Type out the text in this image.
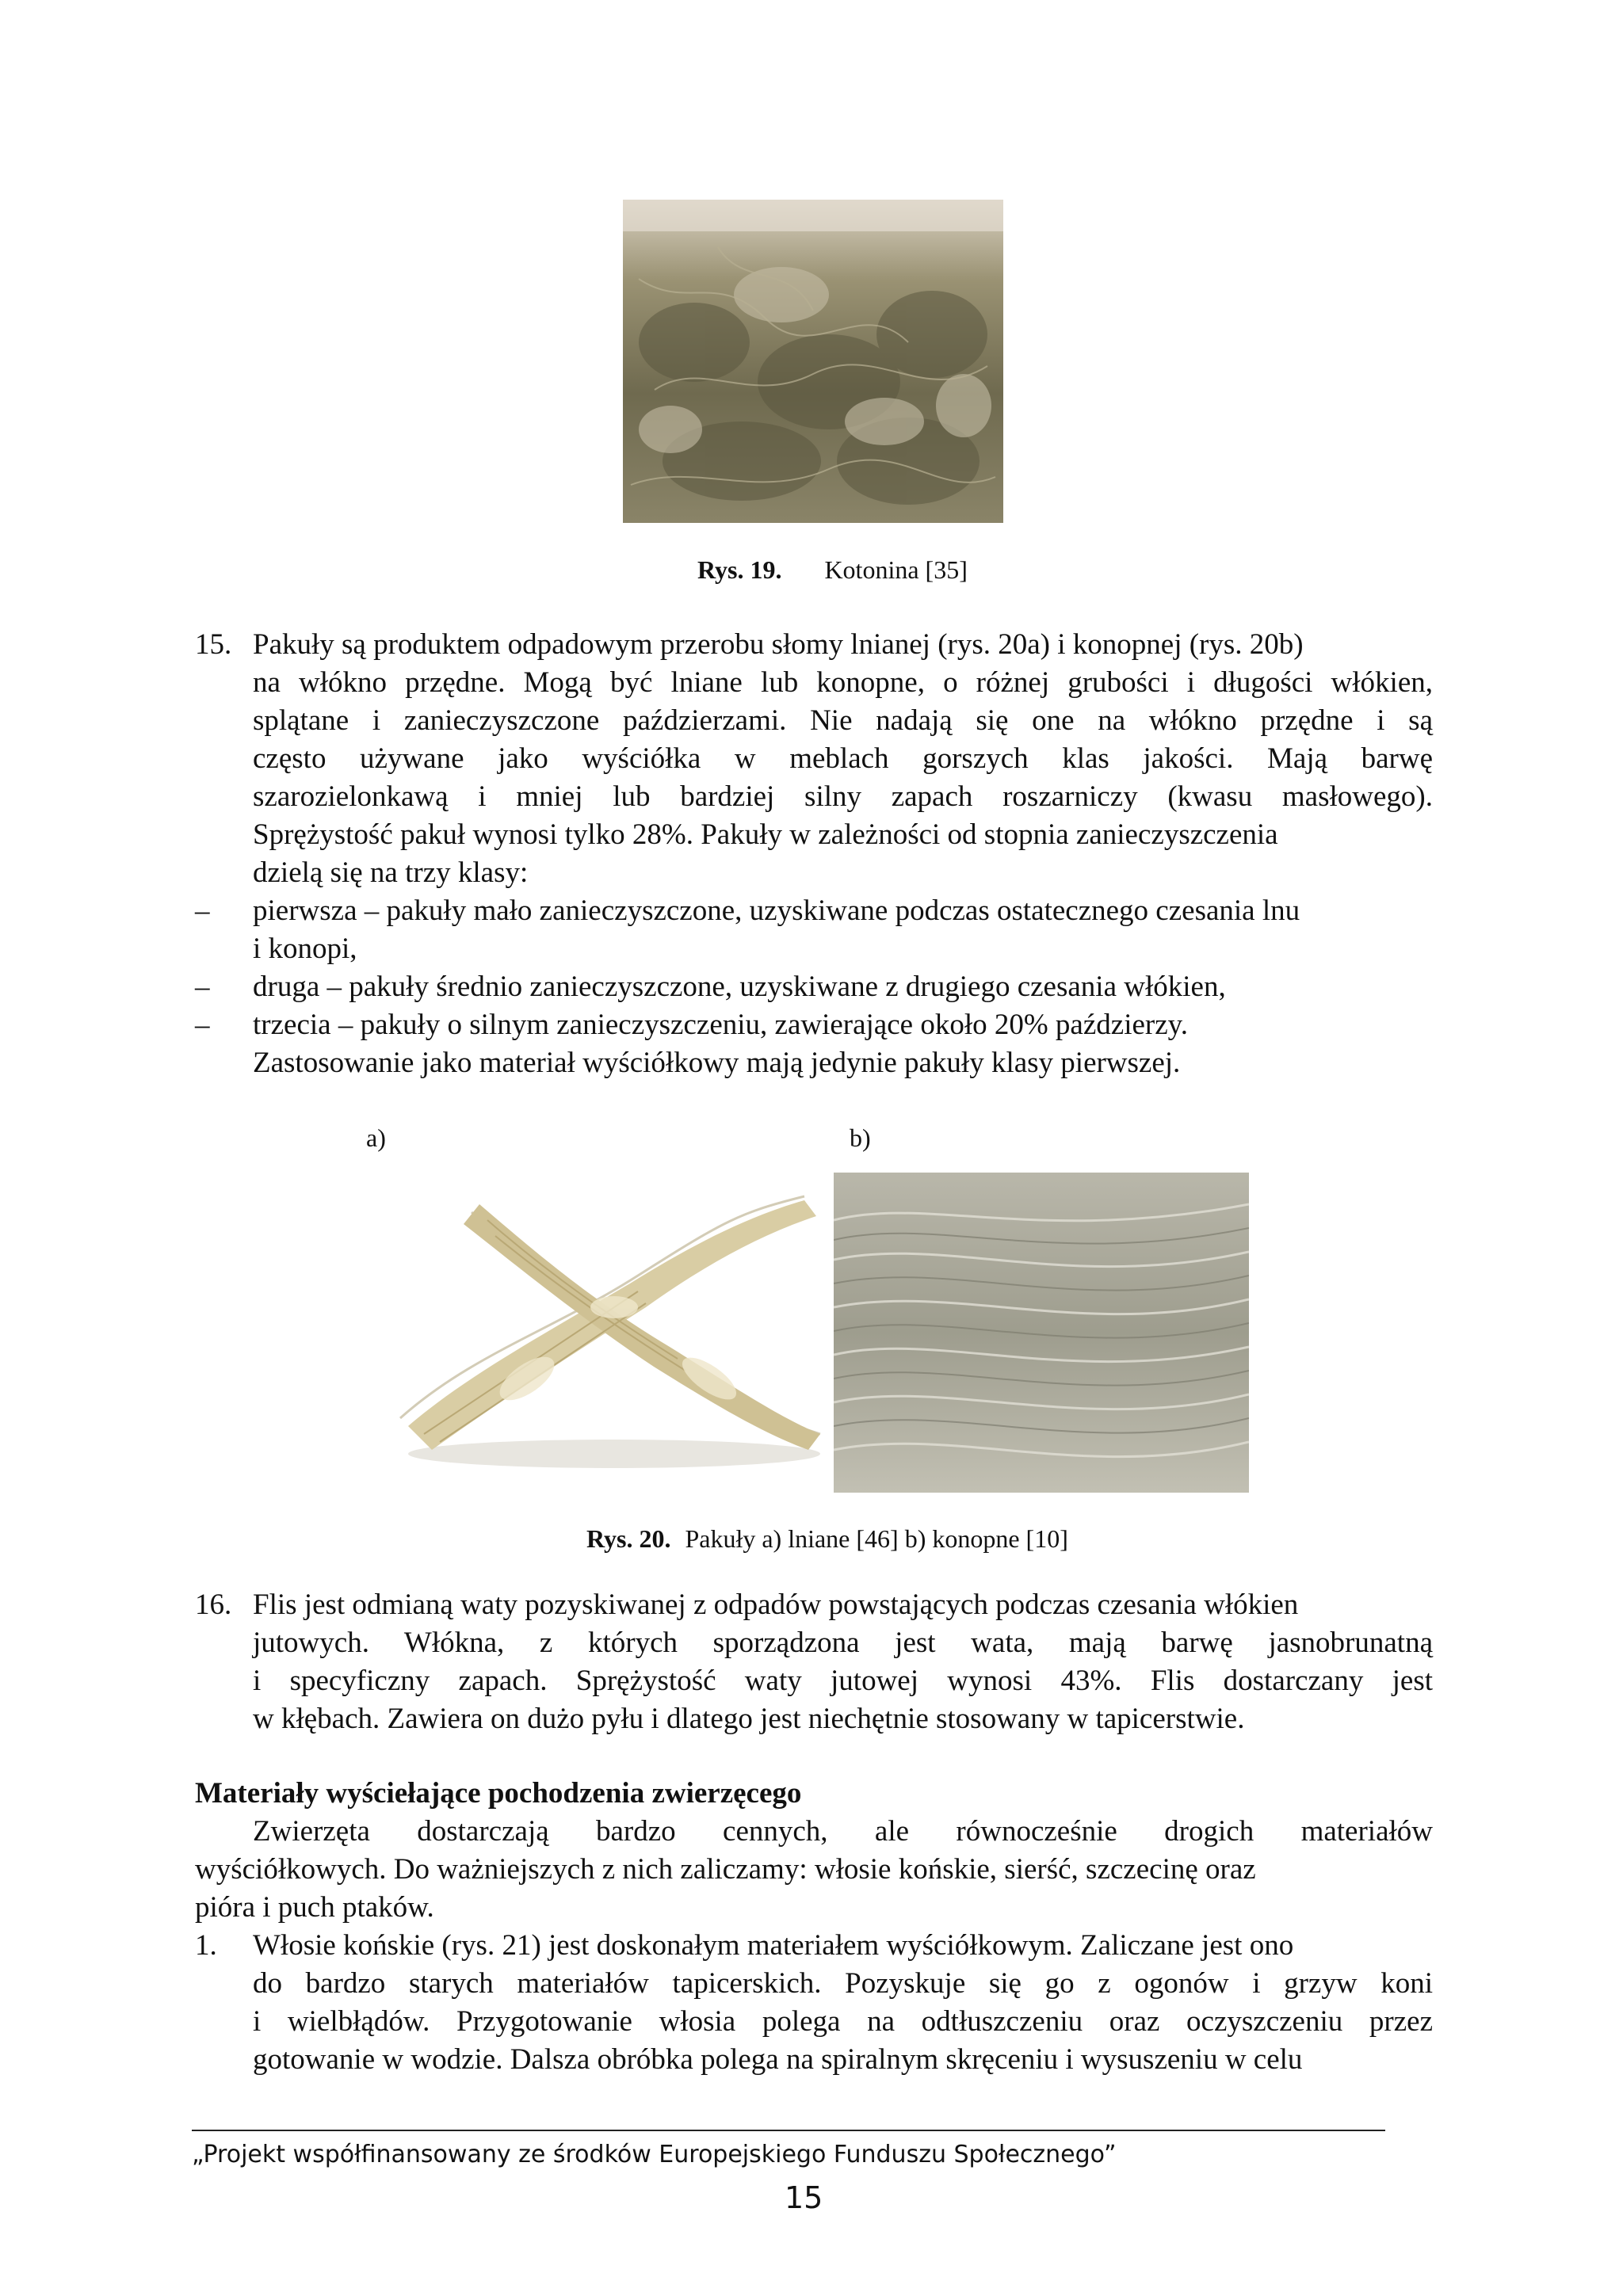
Rys. 19. Kotonina [35]
15. Pakuły są produktem odpadowym przerobu słomy lnianej (rys. 20a) i konopnej (rys. 20b)
na włókno przędne. Mogą być lniane lub konopne, o różnej grubości i długości włókien,
splątane i zanieczyszczone paździerzami. Nie nadają się one na włókno przędne i są
często używane jako wyściółka w meblach gorszych klas jakości. Mają barwę
szarozielonkawą i mniej lub bardziej silny zapach roszarniczy (kwasu masłowego).
Sprężystość pakuł wynosi tylko 28%. Pakuły w zależności od stopnia zanieczyszczenia
dzielą się na trzy klasy:
– pierwsza – pakuły mało zanieczyszczone, uzyskiwane podczas ostatecznego czesania lnu
i konopi,
– druga – pakuły średnio zanieczyszczone, uzyskiwane z drugiego czesania włókien,
– trzecia – pakuły o silnym zanieczyszczeniu, zawierające około 20% paździerzy.
Zastosowanie jako materiał wyściółkowy mają jedynie pakuły klasy pierwszej.
a)	b)
Rys. 20. Pakuły a) lniane [46] b) konopne [10]
16. Flis jest odmianą waty pozyskiwanej z odpadów powstających podczas czesania włókien
jutowych. Włókna, z których sporządzona jest wata, mają barwę jasnobrunatną
i specyficzny zapach. Sprężystość waty jutowej wynosi 43%. Flis dostarczany jest
w kłębach. Zawiera on dużo pyłu i dlatego jest niechętnie stosowany w tapicerstwie.
Materiały wyściełające pochodzenia zwierzęcego
Zwierzęta dostarczają bardzo cennych, ale równocześnie drogich materiałów
wyściółkowych. Do ważniejszych z nich zaliczamy: włosie końskie, sierść, szczecinę oraz
pióra i puch ptaków.
1. Włosie końskie (rys. 21) jest doskonałym materiałem wyściółkowym. Zaliczane jest ono
do bardzo starych materiałów tapicerskich. Pozyskuje się go z ogonów i grzyw koni
i wielbłądów. Przygotowanie włosia polega na odtłuszczeniu oraz oczyszczeniu przez
gotowanie w wodzie. Dalsza obróbka polega na spiralnym skręceniu i wysuszeniu w celu
„Projekt współfinansowany ze środków Europejskiego Funduszu Społecznego”
15
